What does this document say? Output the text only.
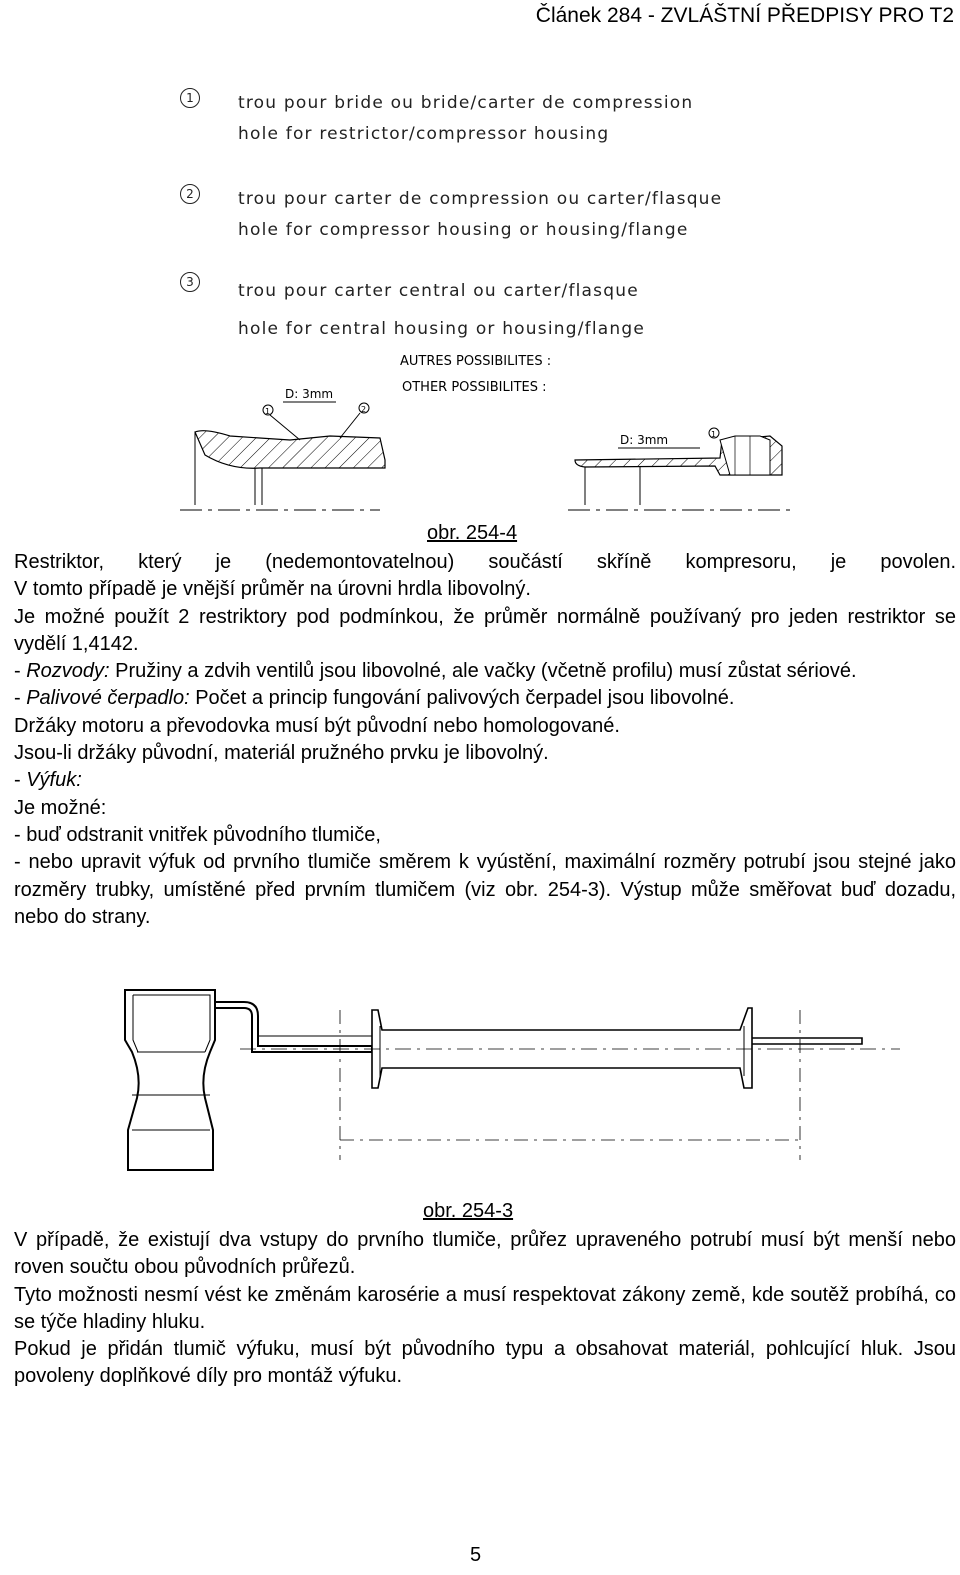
Článek 284 - ZVLÁŠTNÍ PŘEDPISY PRO T2
1	trou pour bride ou bride/carter de compression
hole for restrictor/compressor housing
2	trou pour carter de compression ou carter/flasque
hole for compressor housing or housing/flange
3	trou pour carter central ou carter/flasque
hole for central housing or housing/flange
AUTRES POSSIBILITES :
OTHER POSSIBILITES :
D: 3mm
1	2
D: 3mm	1
obr. 254-4

Restriktor, který je (nedemontovatelnou) součástí skříně kompresoru, je povolen.

V tomto případě je vnější průměr na úrovni hrdla libovolný.

Je možné použít 2 restriktory pod podmínkou, že průměr normálně používaný pro jeden restriktor se vydělí 1,4142.

- Rozvody: Pružiny a zdvih ventilů jsou libovolné, ale vačky (včetně profilu) musí zůstat sériové.

- Palivové čerpadlo: Počet a princip fungování palivových čerpadel jsou libovolné.

Držáky motoru a převodovka musí být původní nebo homologované.

Jsou-li držáky původní, materiál pružného prvku je libovolný.

- Výfuk:

Je možné:

- buď odstranit vnitřek původního tlumiče,

- nebo upravit výfuk od prvního tlumiče směrem k vyústění, maximální rozměry potrubí jsou stejné jako rozměry trubky, umístěné před prvním tlumičem (viz obr. 254-3). Výstup může směřovat buď dozadu, nebo do strany.

obr. 254-3

V případě, že existují dva vstupy do prvního tlumiče, průřez upraveného potrubí musí být menší nebo roven součtu obou původních průřezů.

Tyto možnosti nesmí vést ke změnám karosérie a musí respektovat zákony země, kde soutěž probíhá, co se týče hladiny hluku.

Pokud je přidán tlumič výfuku, musí být původního typu a obsahovat materiál, pohlcující hluk. Jsou povoleny doplňkové díly pro montáž výfuku.

5
